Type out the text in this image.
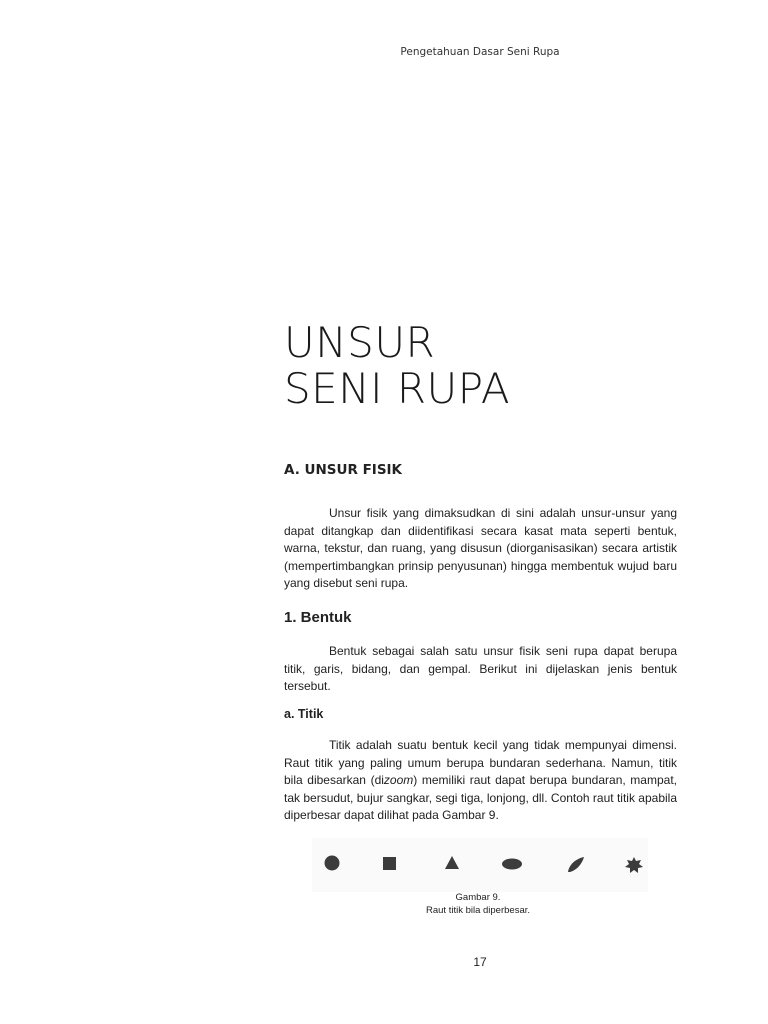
Pengetahuan Dasar Seni Rupa
UNSUR
SENI RUPA
A. UNSUR FISIK

Unsur fisik yang dimaksudkan di sini adalah unsur-unsur yang dapat ditangkap dan diidentifikasi secara kasat mata seperti bentuk, warna, tekstur, dan ruang, yang disusun (diorganisasikan) secara artistik (mempertimbangkan prinsip penyusunan) hingga membentuk wujud baru yang disebut seni rupa.

1. Bentuk

Bentuk sebagai salah satu unsur fisik seni rupa dapat berupa titik, garis, bidang, dan gempal. Berikut ini dijelaskan jenis bentuk tersebut.

a. Titik

Titik adalah suatu bentuk kecil yang tidak mempunyai dimensi. Raut titik yang paling umum berupa bundaran sederhana. Namun, titik bila dibesarkan (dizoom) memiliki raut dapat berupa bundaran, mampat, tak bersudut, bujur sangkar, segi tiga, lonjong, dll. Contoh raut titik apabila diperbesar dapat dilihat pada Gambar 9.

Gambar 9.
Raut titik bila diperbesar.
17
